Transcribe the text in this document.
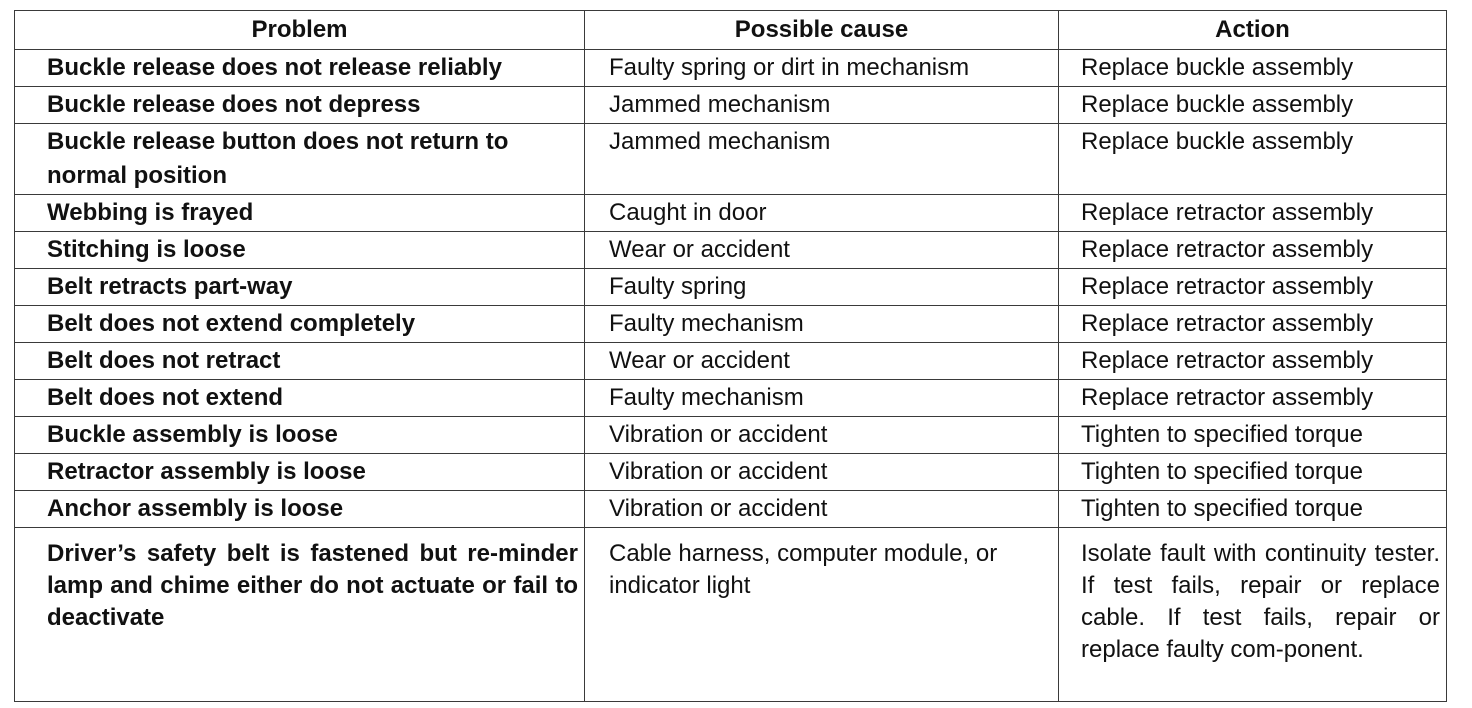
Problem	Possible cause	Action
Buckle release does not release reliably	Faulty spring or dirt in mechanism	Replace buckle assembly
Buckle release does not depress	Jammed mechanism	Replace buckle assembly
Buckle release button does not return to normal position	Jammed mechanism	Replace buckle assembly
Webbing is frayed	Caught in door	Replace retractor assembly
Stitching is loose	Wear or accident	Replace retractor assembly
Belt retracts part-way	Faulty spring	Replace retractor assembly
Belt does not extend completely	Faulty mechanism	Replace retractor assembly
Belt does not retract	Wear or accident	Replace retractor assembly
Belt does not extend	Faulty mechanism	Replace retractor assembly
Buckle assembly is loose	Vibration or accident	Tighten to specified torque
Retractor assembly is loose	Vibration or accident	Tighten to specified torque
Anchor assembly is loose	Vibration or accident	Tighten to specified torque
Driver’s safety belt is fastened but re-minder lamp and chime either do not actuate or fail to deactivate	Cable harness, computer module, or indicator light	Isolate fault with continuity tester. If test fails, repair or replace cable. If test fails, repair or replace faulty com-ponent.
